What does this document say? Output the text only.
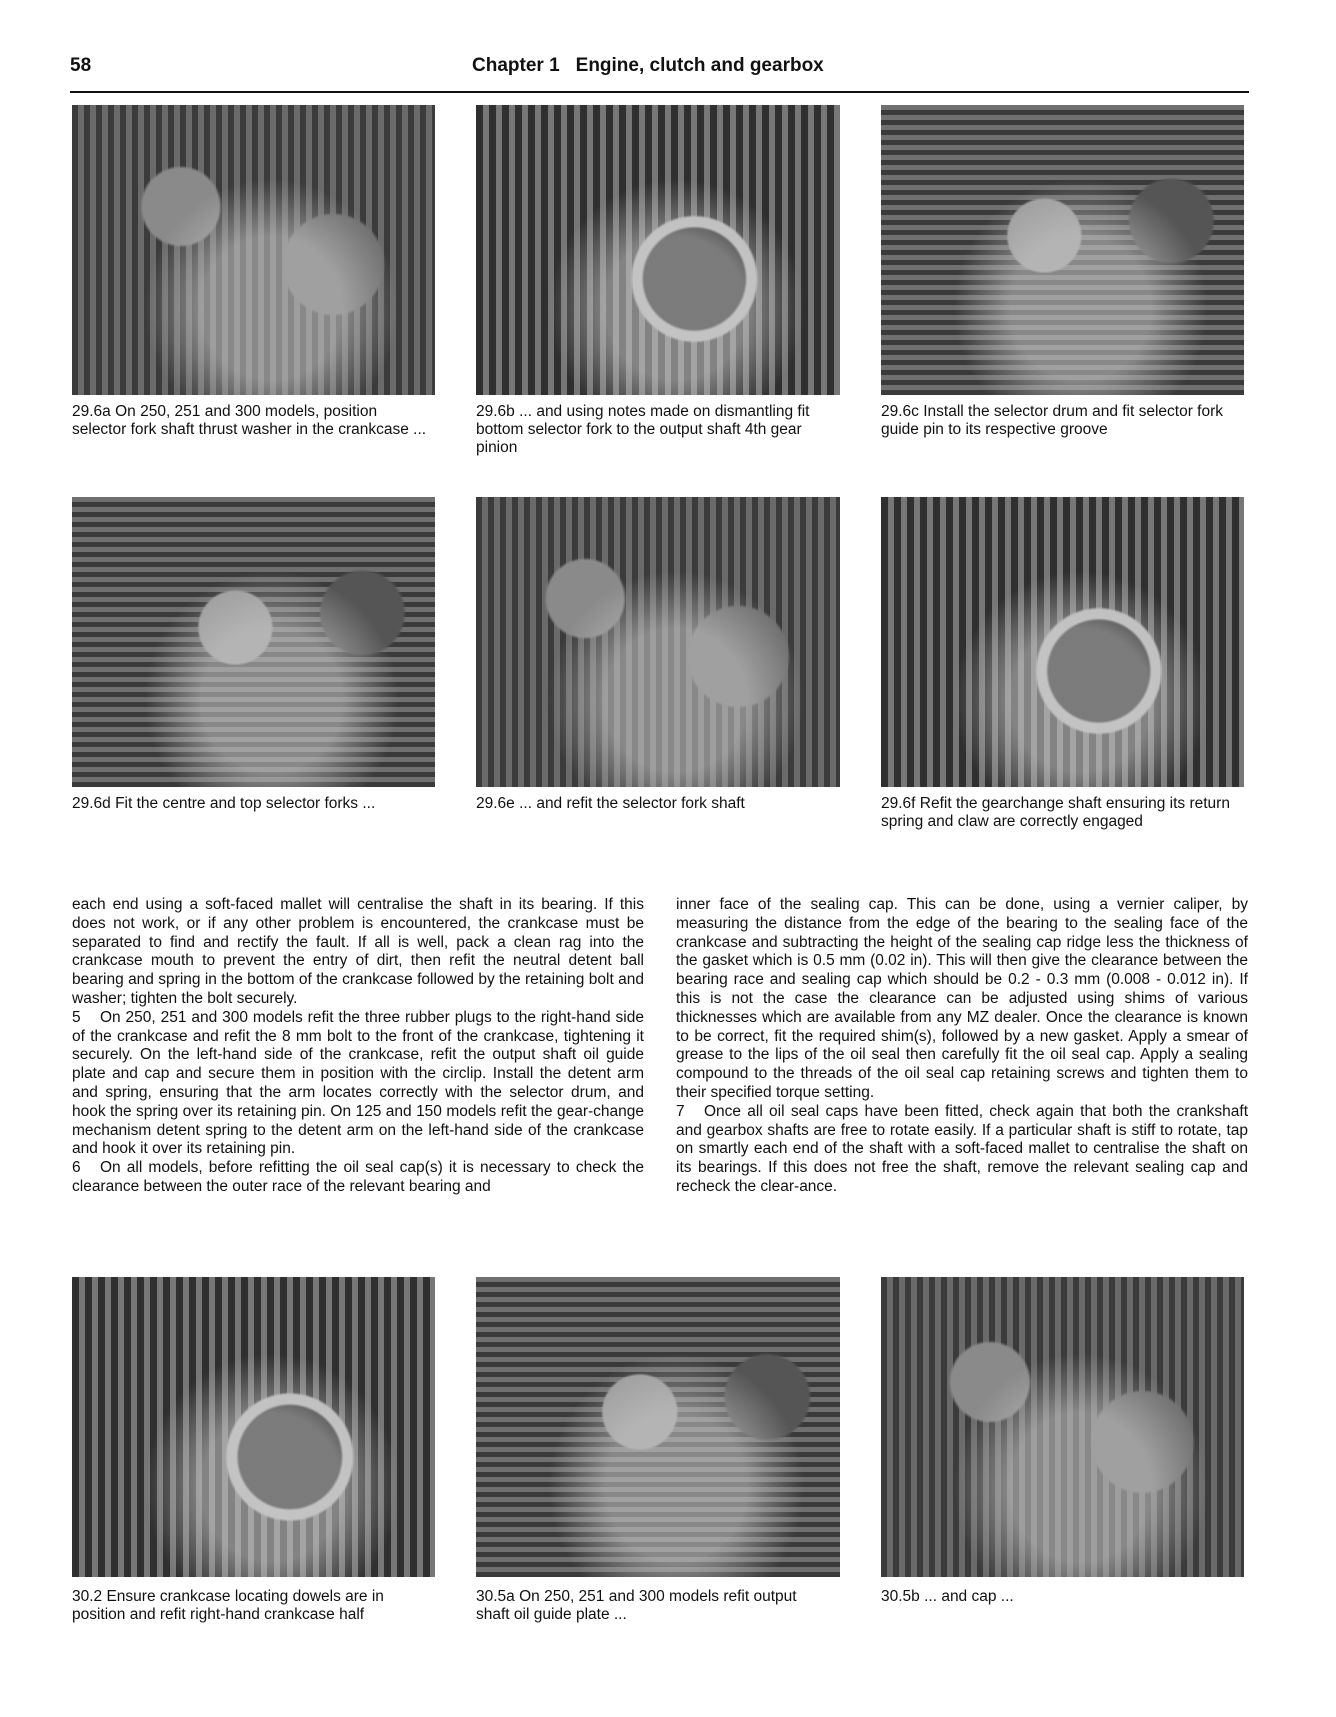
58	Chapter 1 Engine, clutch and gearbox
29.6a On 250, 251 and 300 models, position selector fork shaft thrust washer in the crankcase ...
29.6b ... and using notes made on dismantling fit bottom selector fork to the output shaft 4th gear pinion
29.6c Install the selector drum and fit selector fork guide pin to its respective groove
29.6d Fit the centre and top selector forks ...	29.6e ... and refit the selector fork shaft	29.6f Refit the gearchange shaft ensuring its return spring and claw are correctly engaged

each end using a soft-faced mallet will centralise the shaft in its bearing. If this does not work, or if any other problem is encountered, the crankcase must be separated to find and rectify the fault. If all is well, pack a clean rag into the crankcase mouth to prevent the entry of dirt, then refit the neutral detent ball bearing and spring in the bottom of the crankcase followed by the retaining bolt and washer; tighten the bolt securely.

5 On 250, 251 and 300 models refit the three rubber plugs to the right-hand side of the crankcase and refit the 8 mm bolt to the front of the crankcase, tightening it securely. On the left-hand side of the crankcase, refit the output shaft oil guide plate and cap and secure them in position with the circlip. Install the detent arm and spring, ensuring that the arm locates correctly with the selector drum, and hook the spring over its retaining pin. On 125 and 150 models refit the gear-change mechanism detent spring to the detent arm on the left-hand side of the crankcase and hook it over its retaining pin.

6 On all models, before refitting the oil seal cap(s) it is necessary to check the clearance between the outer race of the relevant bearing and

inner face of the sealing cap. This can be done, using a vernier caliper, by measuring the distance from the edge of the bearing to the sealing face of the crankcase and subtracting the height of the sealing cap ridge less the thickness of the gasket which is 0.5 mm (0.02 in). This will then give the clearance between the bearing race and sealing cap which should be 0.2 - 0.3 mm (0.008 - 0.012 in). If this is not the case the clearance can be adjusted using shims of various thicknesses which are available from any MZ dealer. Once the clearance is known to be correct, fit the required shim(s), followed by a new gasket. Apply a smear of grease to the lips of the oil seal then carefully fit the oil seal cap. Apply a sealing compound to the threads of the oil seal cap retaining screws and tighten them to their specified torque setting.

7 Once all oil seal caps have been fitted, check again that both the crankshaft and gearbox shafts are free to rotate easily. If a particular shaft is stiff to rotate, tap on smartly each end of the shaft with a soft-faced mallet to centralise the shaft on its bearings. If this does not free the shaft, remove the relevant sealing cap and recheck the clear-ance.

30.2 Ensure crankcase locating dowels are in position and refit right-hand crankcase half
30.5a On 250, 251 and 300 models refit output shaft oil guide plate ...
30.5b ... and cap ...
